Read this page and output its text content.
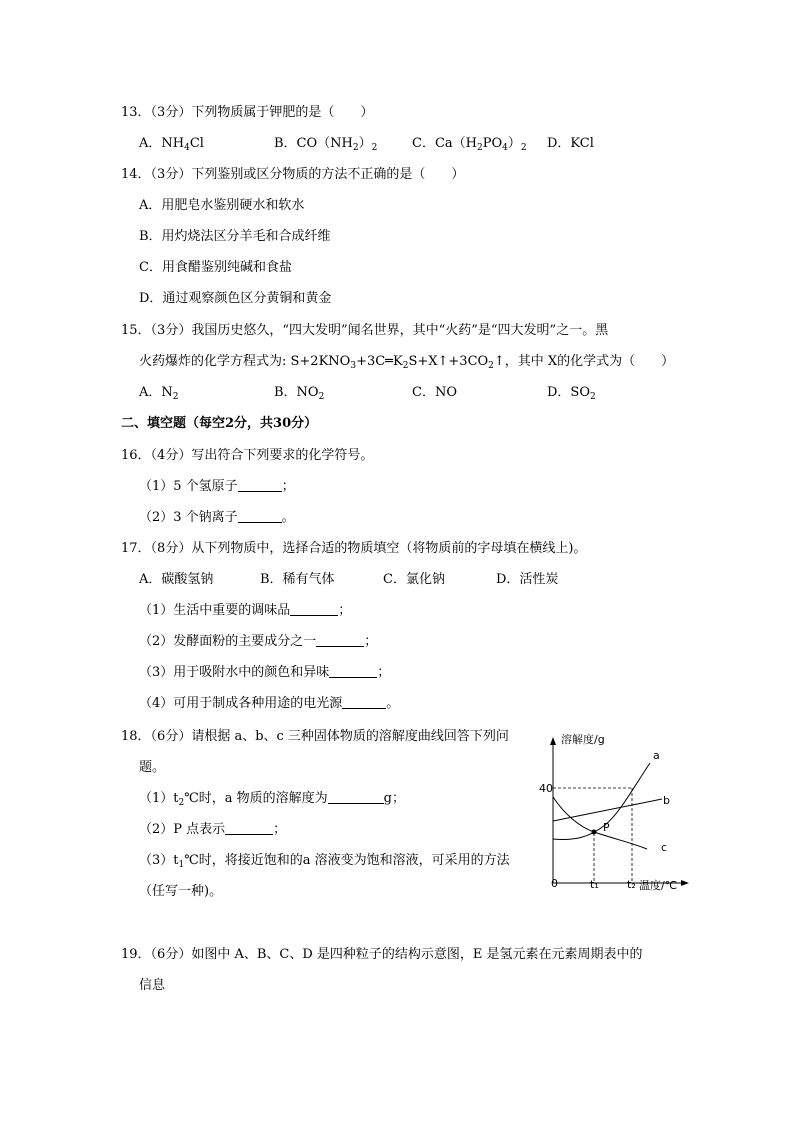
13．（3分）下列物质属于钾肥的是（　　）
A．$NH_4Cl$	B．$CO(NH_2)_2$	C．$Ca(H_2PO_4)_2$ D．KCl
14．（3分）下列鉴别或区分物质的方法不正确的是（　　）
A．用肥皂水鉴别硬水和软水
B．用灼烧法区分羊毛和合成纤维
C．用食醋鉴别纯碱和食盐
D．通过观察颜色区分黄铜和黄金
15．（3分）我国历史悠久，“四大发明”闻名世界，其中“火药”是“四大发明”之一。黑
火药爆炸的化学方程式为: $S+2KNO_3+3C═K_2S+X↑+3CO_2↑$，其中 X的化学式为（　　）
A．$N_2$	B．$NO_2$	C．NO	D．$SO_2$
二、填空题（每空2分，共30分）
16．（4分）写出符合下列要求的化学符号。
（1）5 个氢原子	；
（2）3 个钠离子	。
17．（8分）从下列物质中，选择合适的物质填空（将物质前的字母填在横线上)。
A．碳酸氢钠	B．稀有气体	C．氯化钠	D．活性炭
（1）生活中重要的调味品	；
（2）发酵面粉的主要成分之一	；
（3）用于吸附水中的颜色和异味	；
（4）可用于制成各种用途的电光源	。
18．（6分）请根据 a、b、c 三种固体物质的溶解度曲线回答下列问
题。
$(1)t_2℃$时，a 物质的溶解度为	g；
（2）P 点表示	；
$(3)t_1℃$时，将接近饱和的a 溶液变为饱和溶液，可采用的方法
（任写一种)。
溶解度/g
40
0	t₁	t₂ 温度/℃
a
b
c
P
19．（6分）如图中 A、B、C、D 是四种粒子的结构示意图，E 是氢元素在元素周期表中的
信息
